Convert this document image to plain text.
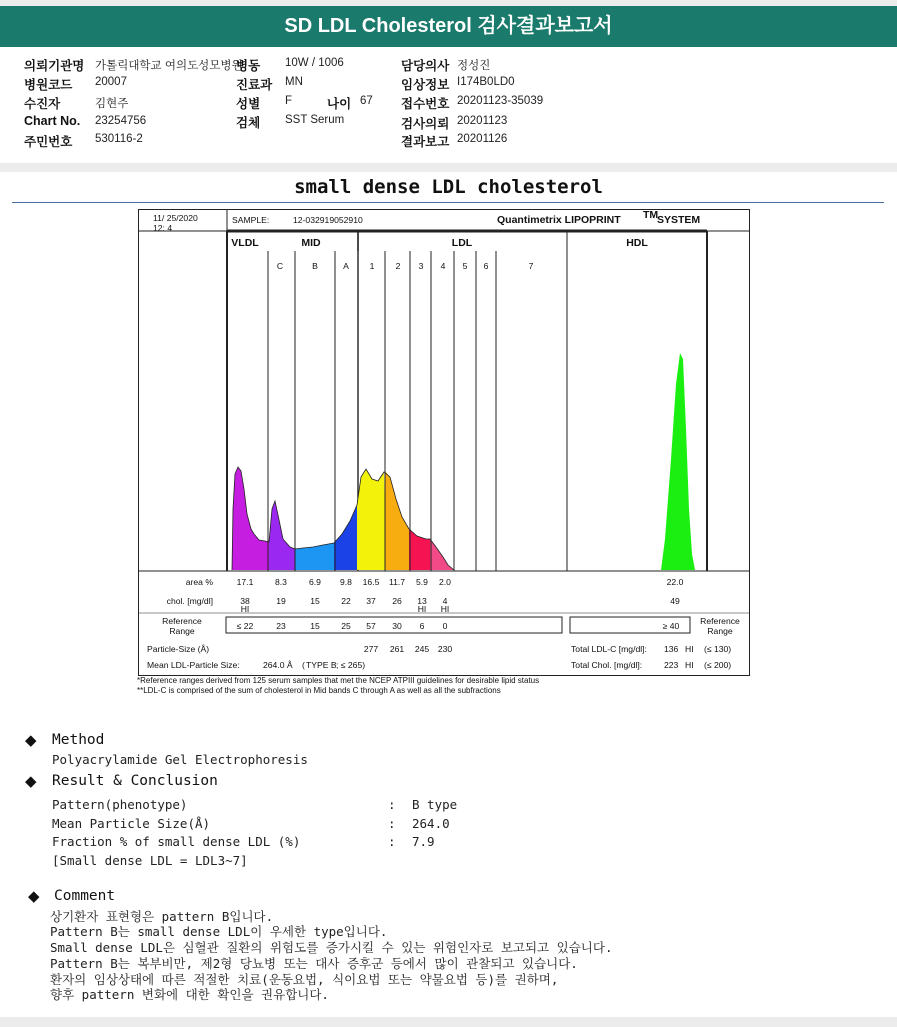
SD LDL Cholesterol 검사결과보고서
의뢰기관명 가톨릭대학교 여의도성모병원
병동 10W / 1006	담당의사 정성진
병원코드 20007	진료과 MN	임상정보 I174B0LD0
수진자	김현주	성별 F	나이 67 접수번호 20201123-35039
Chart No. 23254756	검체 SST Serum	검사의뢰 20201123
주민번호 530116-2	결과보고 20201126
small dense LDL cholesterol
11/ 25/2020
12: 4
SAMPLE:	12-032919052910	Quantimetrix LIPOPRINT TM
SYSTEM
VLDL	MID	LDL	HDL
C	B	A 1 2 3 4 5 6	7
area %	17.1	8.3	6.9 9.8 16.5 11.7 5.9 2.0	22.0
chol. [mg/dl]	38	19	15 22 37 26 13 4	49
HI	HI HI
Reference
Range
Reference
Range
≤ 22	23	15 25 57 30 6 0	≥ 40
Particle-Size (Å)	277 261 245 230
Mean LDL-Particle Size:	264.0 Å ( TYPE B ; ≤ 265)
Total LDL-C [mg/dl]: 136 HI (≤ 130)
Total Chol. [mg/dl]:	223 HI (≤ 200)
*Reference ranges derived from 125 serum samples that met the NCEP ATPIII guidelines for desirable lipid status
**LDL-C is comprised of the sum of cholesterol in Mid bands C through A as well as all the subfractions
◆ Method
Polyacrylamide Gel Electrophoresis
◆ Result & Conclusion
Pattern(phenotype)	: B type
Mean Particle Size(Å)	: 264.0
Fraction % of small dense LDL (%)	: 7.9
[Small dense LDL = LDL3~7]
◆ Comment
상기환자 표현형은 pattern B입니다.
Pattern B는 small dense LDL이 우세한 type입니다.
Small dense LDL은 심혈관 질환의 위험도를 증가시킬 수 있는 위험인자로 보고되고 있습니다.
Pattern B는 복부비만, 제2형 당뇨병 또는 대사 증후군 등에서 많이 관찰되고 있습니다.
환자의 임상상태에 따른 적절한 치료(운동요법, 식이요법 또는 약물요법 등)를 권하며,
향후 pattern 변화에 대한 확인을 권유합니다.
